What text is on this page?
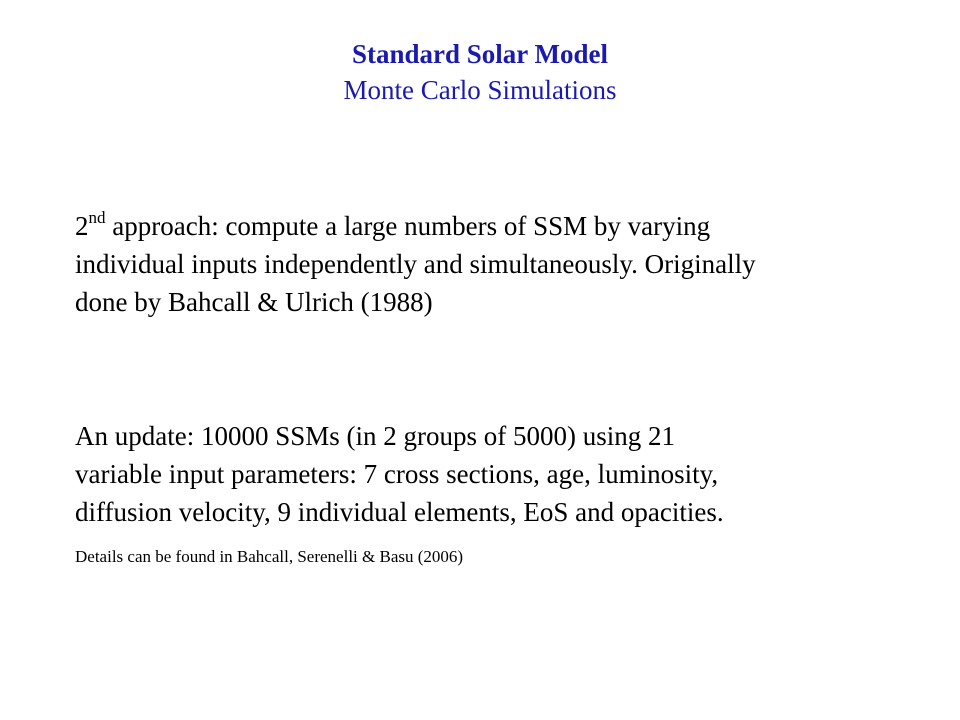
Standard Solar Model
Monte Carlo Simulations

2nd approach: compute a large numbers of SSM by varying
individual inputs independently and simultaneously. Originally
done by Bahcall & Ulrich (1988)

An update: 10000 SSMs (in 2 groups of 5000) using 21
variable input parameters: 7 cross sections, age, luminosity,
diffusion velocity, 9 individual elements, EoS and opacities.

Details can be found in Bahcall, Serenelli & Basu (2006)
